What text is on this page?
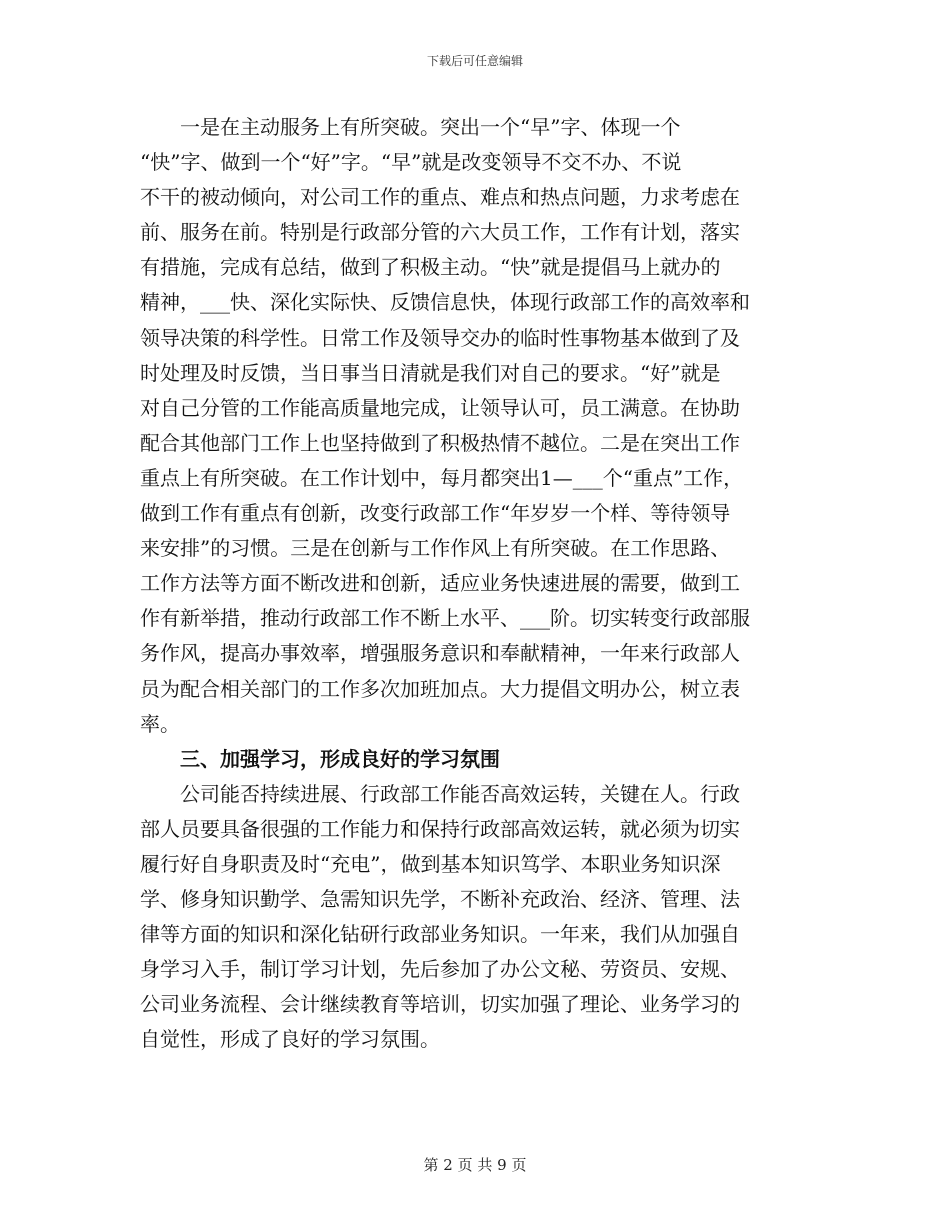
下载后可任意编辑
　　一是在主动服务上有所突破。突出一个“早”字、体现一个
“快”字、做到一个“好”字。“早”就是改变领导不交不办、不说
不干的被动倾向，对公司工作的重点、难点和热点问题，力求考虑在
前、服务在前。特别是行政部分管的六大员工作，工作有计划，落实
有措施，完成有总结，做到了积极主动。“快”就是提倡马上就办的
精神，___快、深化实际快、反馈信息快，体现行政部工作的高效率和
领导决策的科学性。日常工作及领导交办的临时性事物基本做到了及
时处理及时反馈，当日事当日清就是我们对自己的要求。“好”就是
对自己分管的工作能高质量地完成，让领导认可，员工满意。在协助
配合其他部门工作上也坚持做到了积极热情不越位。二是在突出工作
重点上有所突破。在工作计划中，每月都突出1—___个“重点”工作，
做到工作有重点有创新，改变行政部工作“年岁岁一个样、等待领导
来安排”的习惯。三是在创新与工作作风上有所突破。在工作思路、
工作方法等方面不断改进和创新，适应业务快速进展的需要，做到工
作有新举措，推动行政部工作不断上水平、___阶。切实转变行政部服
务作风，提高办事效率，增强服务意识和奉献精神，一年来行政部人
员为配合相关部门的工作多次加班加点。大力提倡文明办公，树立表
率。
　　三、加强学习，形成良好的学习氛围
　　公司能否持续进展、行政部工作能否高效运转，关键在人。行政
部人员要具备很强的工作能力和保持行政部高效运转，就必须为切实
履行好自身职责及时“充电”，做到基本知识笃学、本职业务知识深
学、修身知识勤学、急需知识先学，不断补充政治、经济、管理、法
律等方面的知识和深化钻研行政部业务知识。一年来，我们从加强自
身学习入手，制订学习计划，先后参加了办公文秘、劳资员、安规、
公司业务流程、会计继续教育等培训，切实加强了理论、业务学习的
自觉性，形成了良好的学习氛围。
第 2 页 共 9 页
